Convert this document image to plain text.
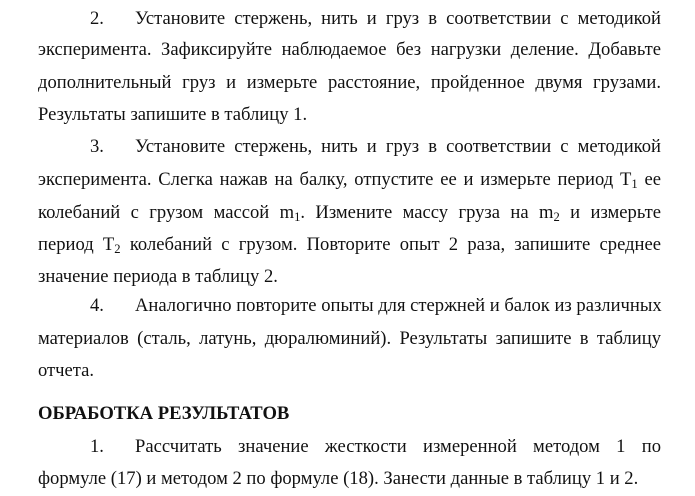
2. Установите стержень, нить и груз в соответствии с методикой
эксперимента. Зафиксируйте наблюдаемое без нагрузки деление. Добавьте
дополнительный груз и измерьте расстояние, пройденное двумя грузами.
Результаты запишите в таблицу 1.
3. Установите стержень, нить и груз в соответствии с методикой
эксперимента. Слегка нажав на балку, отпустите ее и измерьте период $T_1$ ее
колебаний с грузом массой $m_1$. Измените массу груза на $m_2$ и измерьте
период $T_2$ колебаний с грузом. Повторите опыт 2 раза, запишите среднее
значение периода в таблицу 2.
4. Аналогично повторите опыты для стержней и балок из различных
материалов (сталь, латунь, дюралюминий). Результаты запишите в таблицу
отчета.
ОБРАБОТКА РЕЗУЛЬТАТОВ
1. Рассчитать значение жесткости измеренной методом 1 по
формуле (17) и методом 2 по формуле (18). Занести данные в таблицу 1 и 2.
